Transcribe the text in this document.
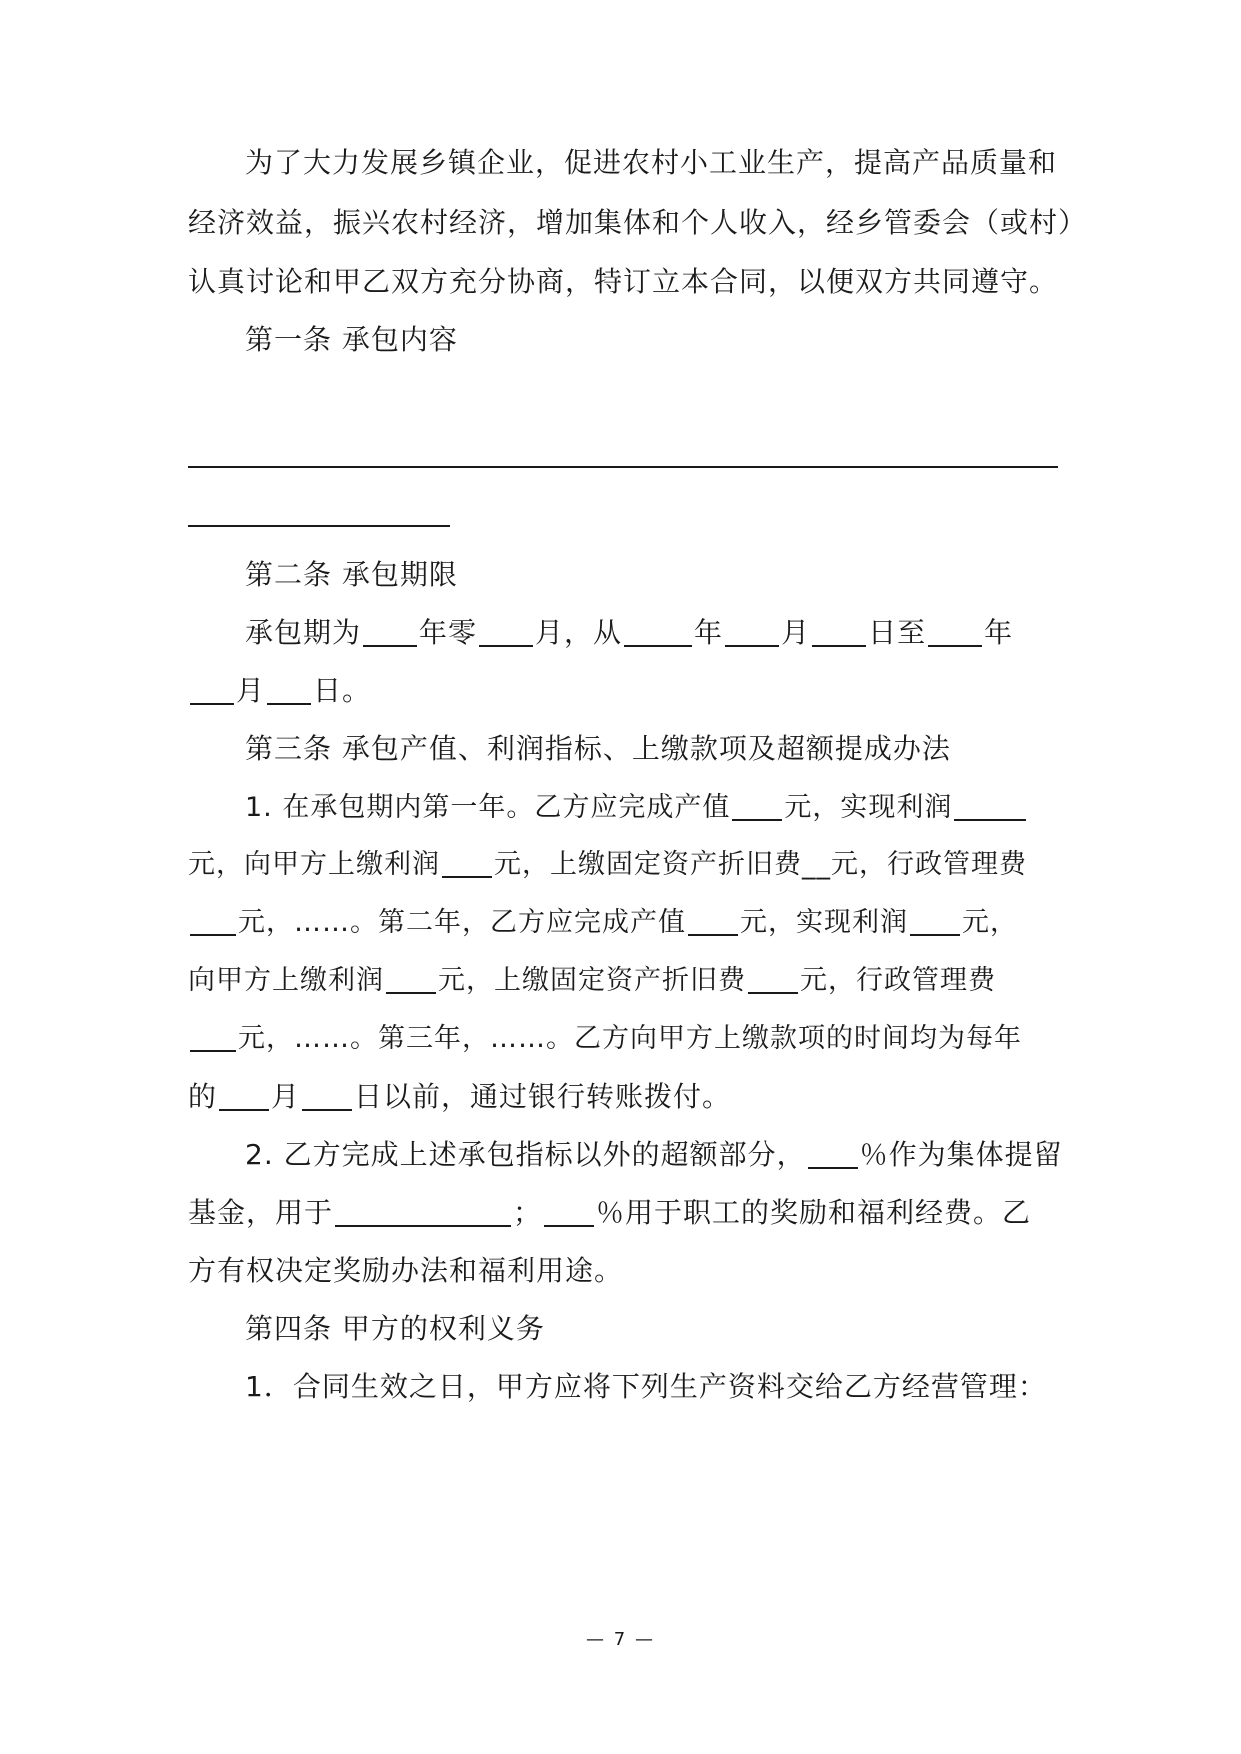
为了大力发展乡镇企业，促进农村小工业生产，提高产品质量和
经济效益，振兴农村经济，增加集体和个人收入，经乡管委会（或村）
认真讨论和甲乙双方充分协商，特订立本合同，以便双方共同遵守。
第一条 承包内容
第二条 承包期限
承包期为 年零 月，从	年 月 日至 年
月 日。
第三条 承包产值、利润指标、上缴款项及超额提成办法
1. 在承包期内第一年。乙方应完成产值 元，实现利润
元，向甲方上缴利润 元，上缴固定资产折旧费__元，行政管理费
元，……。第二年，乙方应完成产值 元，实现利润 元，
向甲方上缴利润 元，上缴固定资产折旧费 元，行政管理费
元，……。第三年，……。乙方向甲方上缴款项的时间均为每年
的 月 日以前，通过银行转账拨付。
2. 乙方完成上述承包指标以外的超额部分， ％作为集体提留
基金，用于	； ％用于职工的奖励和福利经费。乙
方有权决定奖励办法和福利用途。
第四条 甲方的权利义务
1．合同生效之日，甲方应将下列生产资料交给乙方经营管理：
— 7 —
